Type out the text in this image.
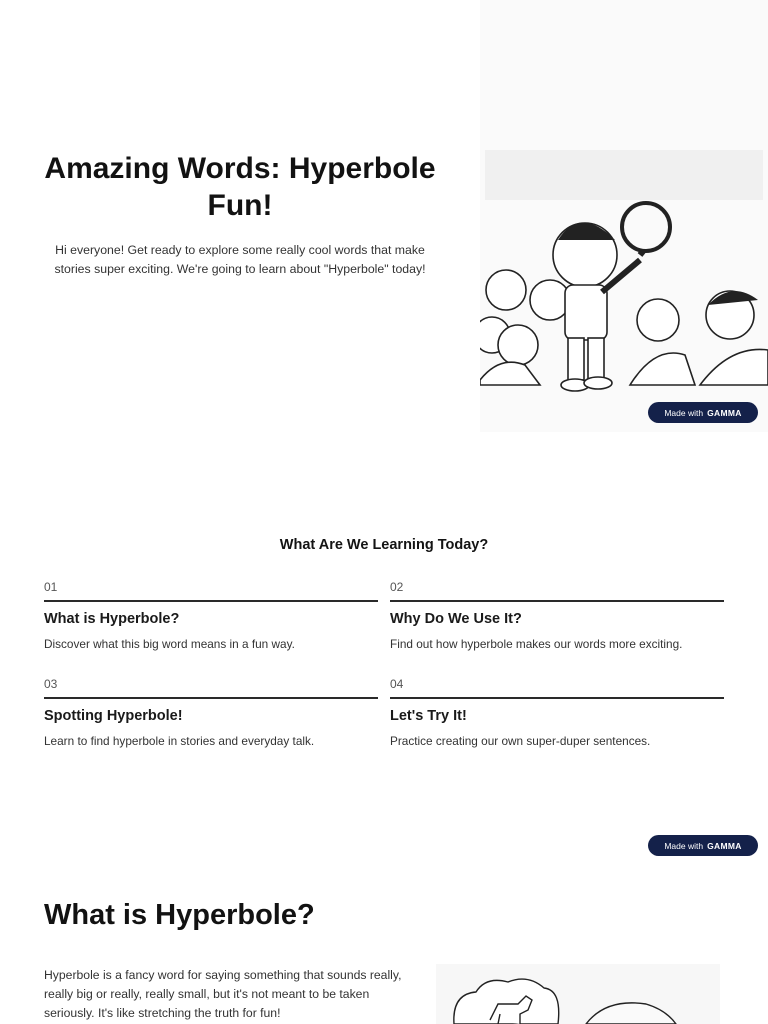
Amazing Words: Hyperbole Fun!

Hi everyone! Get ready to explore some really cool words that make stories super exciting. We're going to learn about "Hyperbole" today!

Made with GAMMA
What Are We Learning Today?
01
What is Hyperbole?
Discover what this big word means in a fun way.
02
Why Do We Use It?
Find out how hyperbole makes our words more exciting.
03
Spotting Hyperbole!
Learn to find hyperbole in stories and everyday talk.
04
Let's Try It!
Practice creating our own super-duper sentences.
Made with GAMMA
What is Hyperbole?

Hyperbole is a fancy word for saying something that sounds really, really big or really, really small, but it's not meant to be taken seriously. It's like stretching the truth for fun!
